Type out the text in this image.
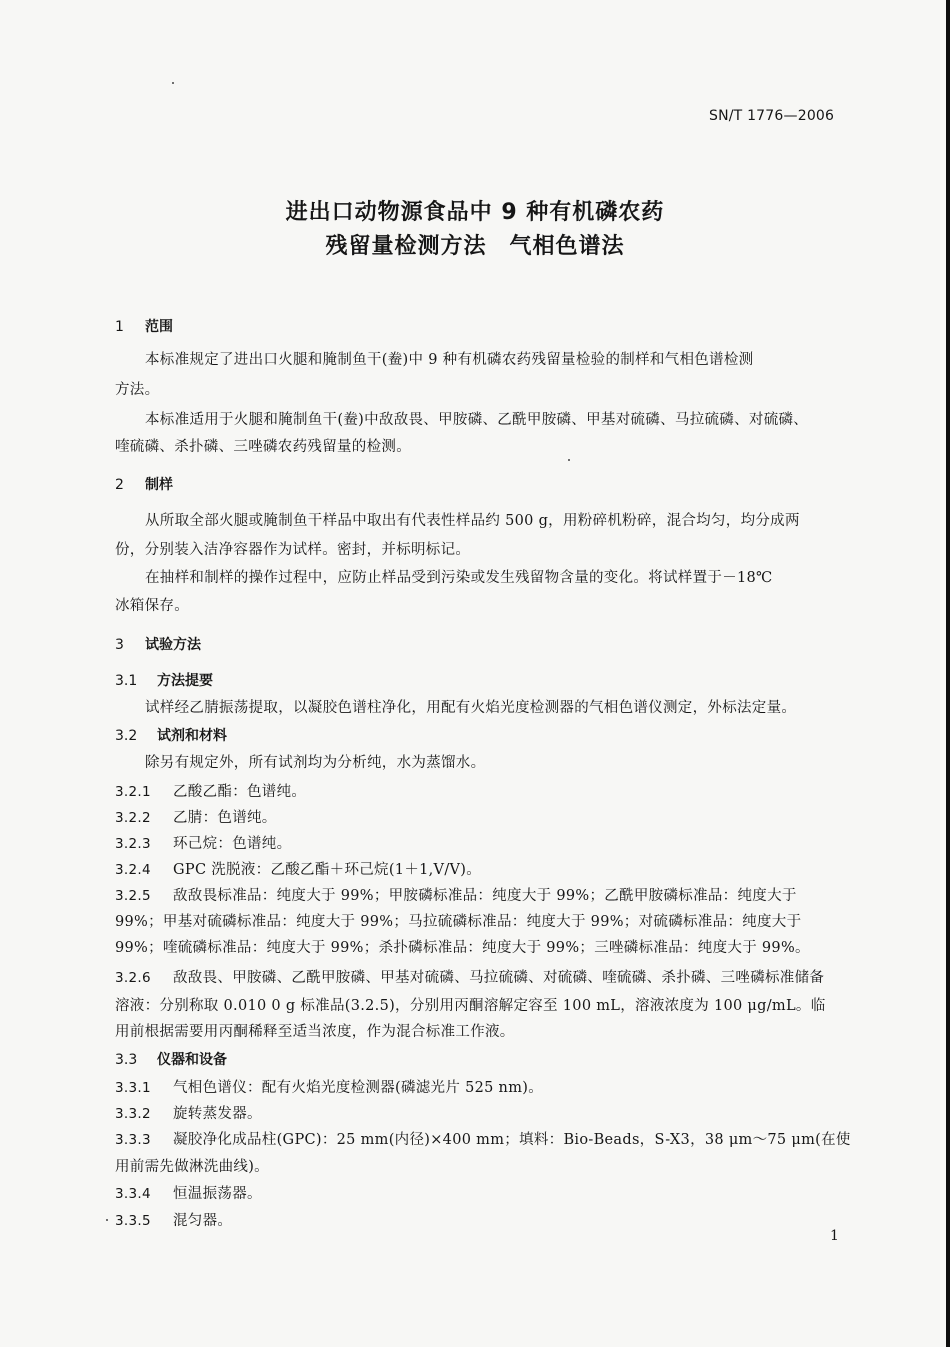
SN/T 1776—2006
进出口动物源食品中 9 种有机磷农药
残留量检测方法　气相色谱法
1 范围
本标准规定了进出口火腿和腌制鱼干(鲞)中 9 种有机磷农药残留量检验的制样和气相色谱检测
方法。
本标准适用于火腿和腌制鱼干(鲞)中敌敌畏、甲胺磷、乙酰甲胺磷、甲基对硫磷、马拉硫磷、对硫磷、
喹硫磷、杀扑磷、三唑磷农药残留量的检测。
2 制样
从所取全部火腿或腌制鱼干样品中取出有代表性样品约 500 g，用粉碎机粉碎，混合均匀，均分成两
份，分别装入洁净容器作为试样。密封，并标明标记。
在抽样和制样的操作过程中，应防止样品受到污染或发生残留物含量的变化。将试样置于－18℃
冰箱保存。
3 试验方法
3.1 方法提要
试样经乙腈振荡提取，以凝胶色谱柱净化，用配有火焰光度检测器的气相色谱仪测定，外标法定量。
3.2 试剂和材料
除另有规定外，所有试剂均为分析纯，水为蒸馏水。
3.2.1 乙酸乙酯：色谱纯。
3.2.2 乙腈：色谱纯。
3.2.3 环己烷：色谱纯。
3.2.4 GPC 洗脱液：乙酸乙酯＋环己烷(1＋1,V/V)。
3.2.5 敌敌畏标准品：纯度大于 99%；甲胺磷标准品：纯度大于 99%；乙酰甲胺磷标准品：纯度大于
99%；甲基对硫磷标准品：纯度大于 99%；马拉硫磷标准品：纯度大于 99%；对硫磷标准品：纯度大于
99%；喹硫磷标准品：纯度大于 99%；杀扑磷标准品：纯度大于 99%；三唑磷标准品：纯度大于 99%。
3.2.6 敌敌畏、甲胺磷、乙酰甲胺磷、甲基对硫磷、马拉硫磷、对硫磷、喹硫磷、杀扑磷、三唑磷标准储备
溶液：分别称取 0.010 0 g 标准品(3.2.5)，分别用丙酮溶解定容至 100 mL，溶液浓度为 100 μg/mL。临
用前根据需要用丙酮稀释至适当浓度，作为混合标准工作液。
3.3 仪器和设备
3.3.1 气相色谱仪：配有火焰光度检测器(磷滤光片 525 nm)。
3.3.2 旋转蒸发器。
3.3.3 凝胶净化成品柱(GPC)：25 mm(内径)×400 mm；填料：Bio-Beads，S-X3，38 μm～75 μm(在使
用前需先做淋洗曲线)。
3.3.4 恒温振荡器。
3.3.5 混匀器。
1
